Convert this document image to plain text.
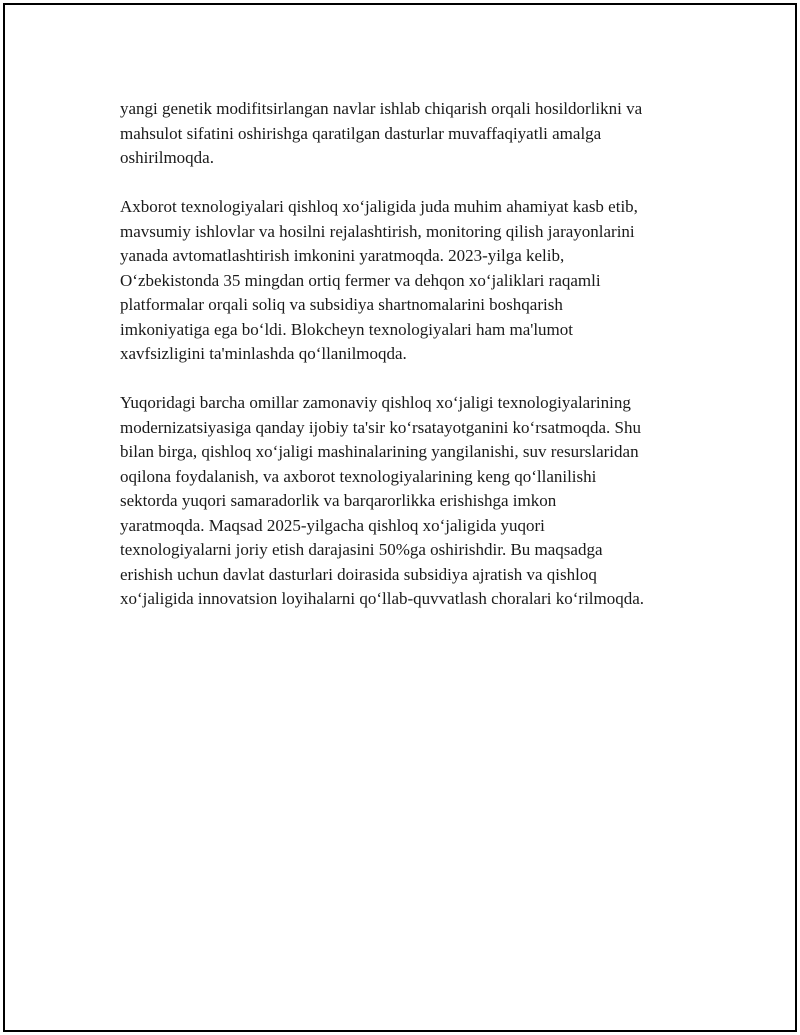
yangi genetik modifitsirlangan navlar ishlab chiqarish orqali hosildorlikni va
mahsulot sifatini oshirishga qaratilgan dasturlar muvaffaqiyatli amalga
oshirilmoqda.

Axborot texnologiyalari qishloq xo‘jaligida juda muhim ahamiyat kasb etib,
mavsumiy ishlovlar va hosilni rejalashtirish, monitoring qilish jarayonlarini
yanada avtomatlashtirish imkonini yaratmoqda. 2023-yilga kelib,
O‘zbekistonda 35 mingdan ortiq fermer va dehqon xo‘jaliklari raqamli
platformalar orqali soliq va subsidiya shartnomalarini boshqarish
imkoniyatiga ega bo‘ldi. Blokcheyn texnologiyalari ham ma'lumot
xavfsizligini ta'minlashda qo‘llanilmoqda.

Yuqoridagi barcha omillar zamonaviy qishloq xo‘jaligi texnologiyalarining
modernizatsiyasiga qanday ijobiy ta'sir ko‘rsatayotganini ko‘rsatmoqda. Shu
bilan birga, qishloq xo‘jaligi mashinalarining yangilanishi, suv resurslaridan
oqilona foydalanish, va axborot texnologiyalarining keng qo‘llanilishi
sektorda yuqori samaradorlik va barqarorlikka erishishga imkon
yaratmoqda. Maqsad 2025-yilgacha qishloq xo‘jaligida yuqori
texnologiyalarni joriy etish darajasini 50%ga oshirishdir. Bu maqsadga
erishish uchun davlat dasturlari doirasida subsidiya ajratish va qishloq
xo‘jaligida innovatsion loyihalarni qo‘llab-quvvatlash choralari ko‘rilmoqda.
